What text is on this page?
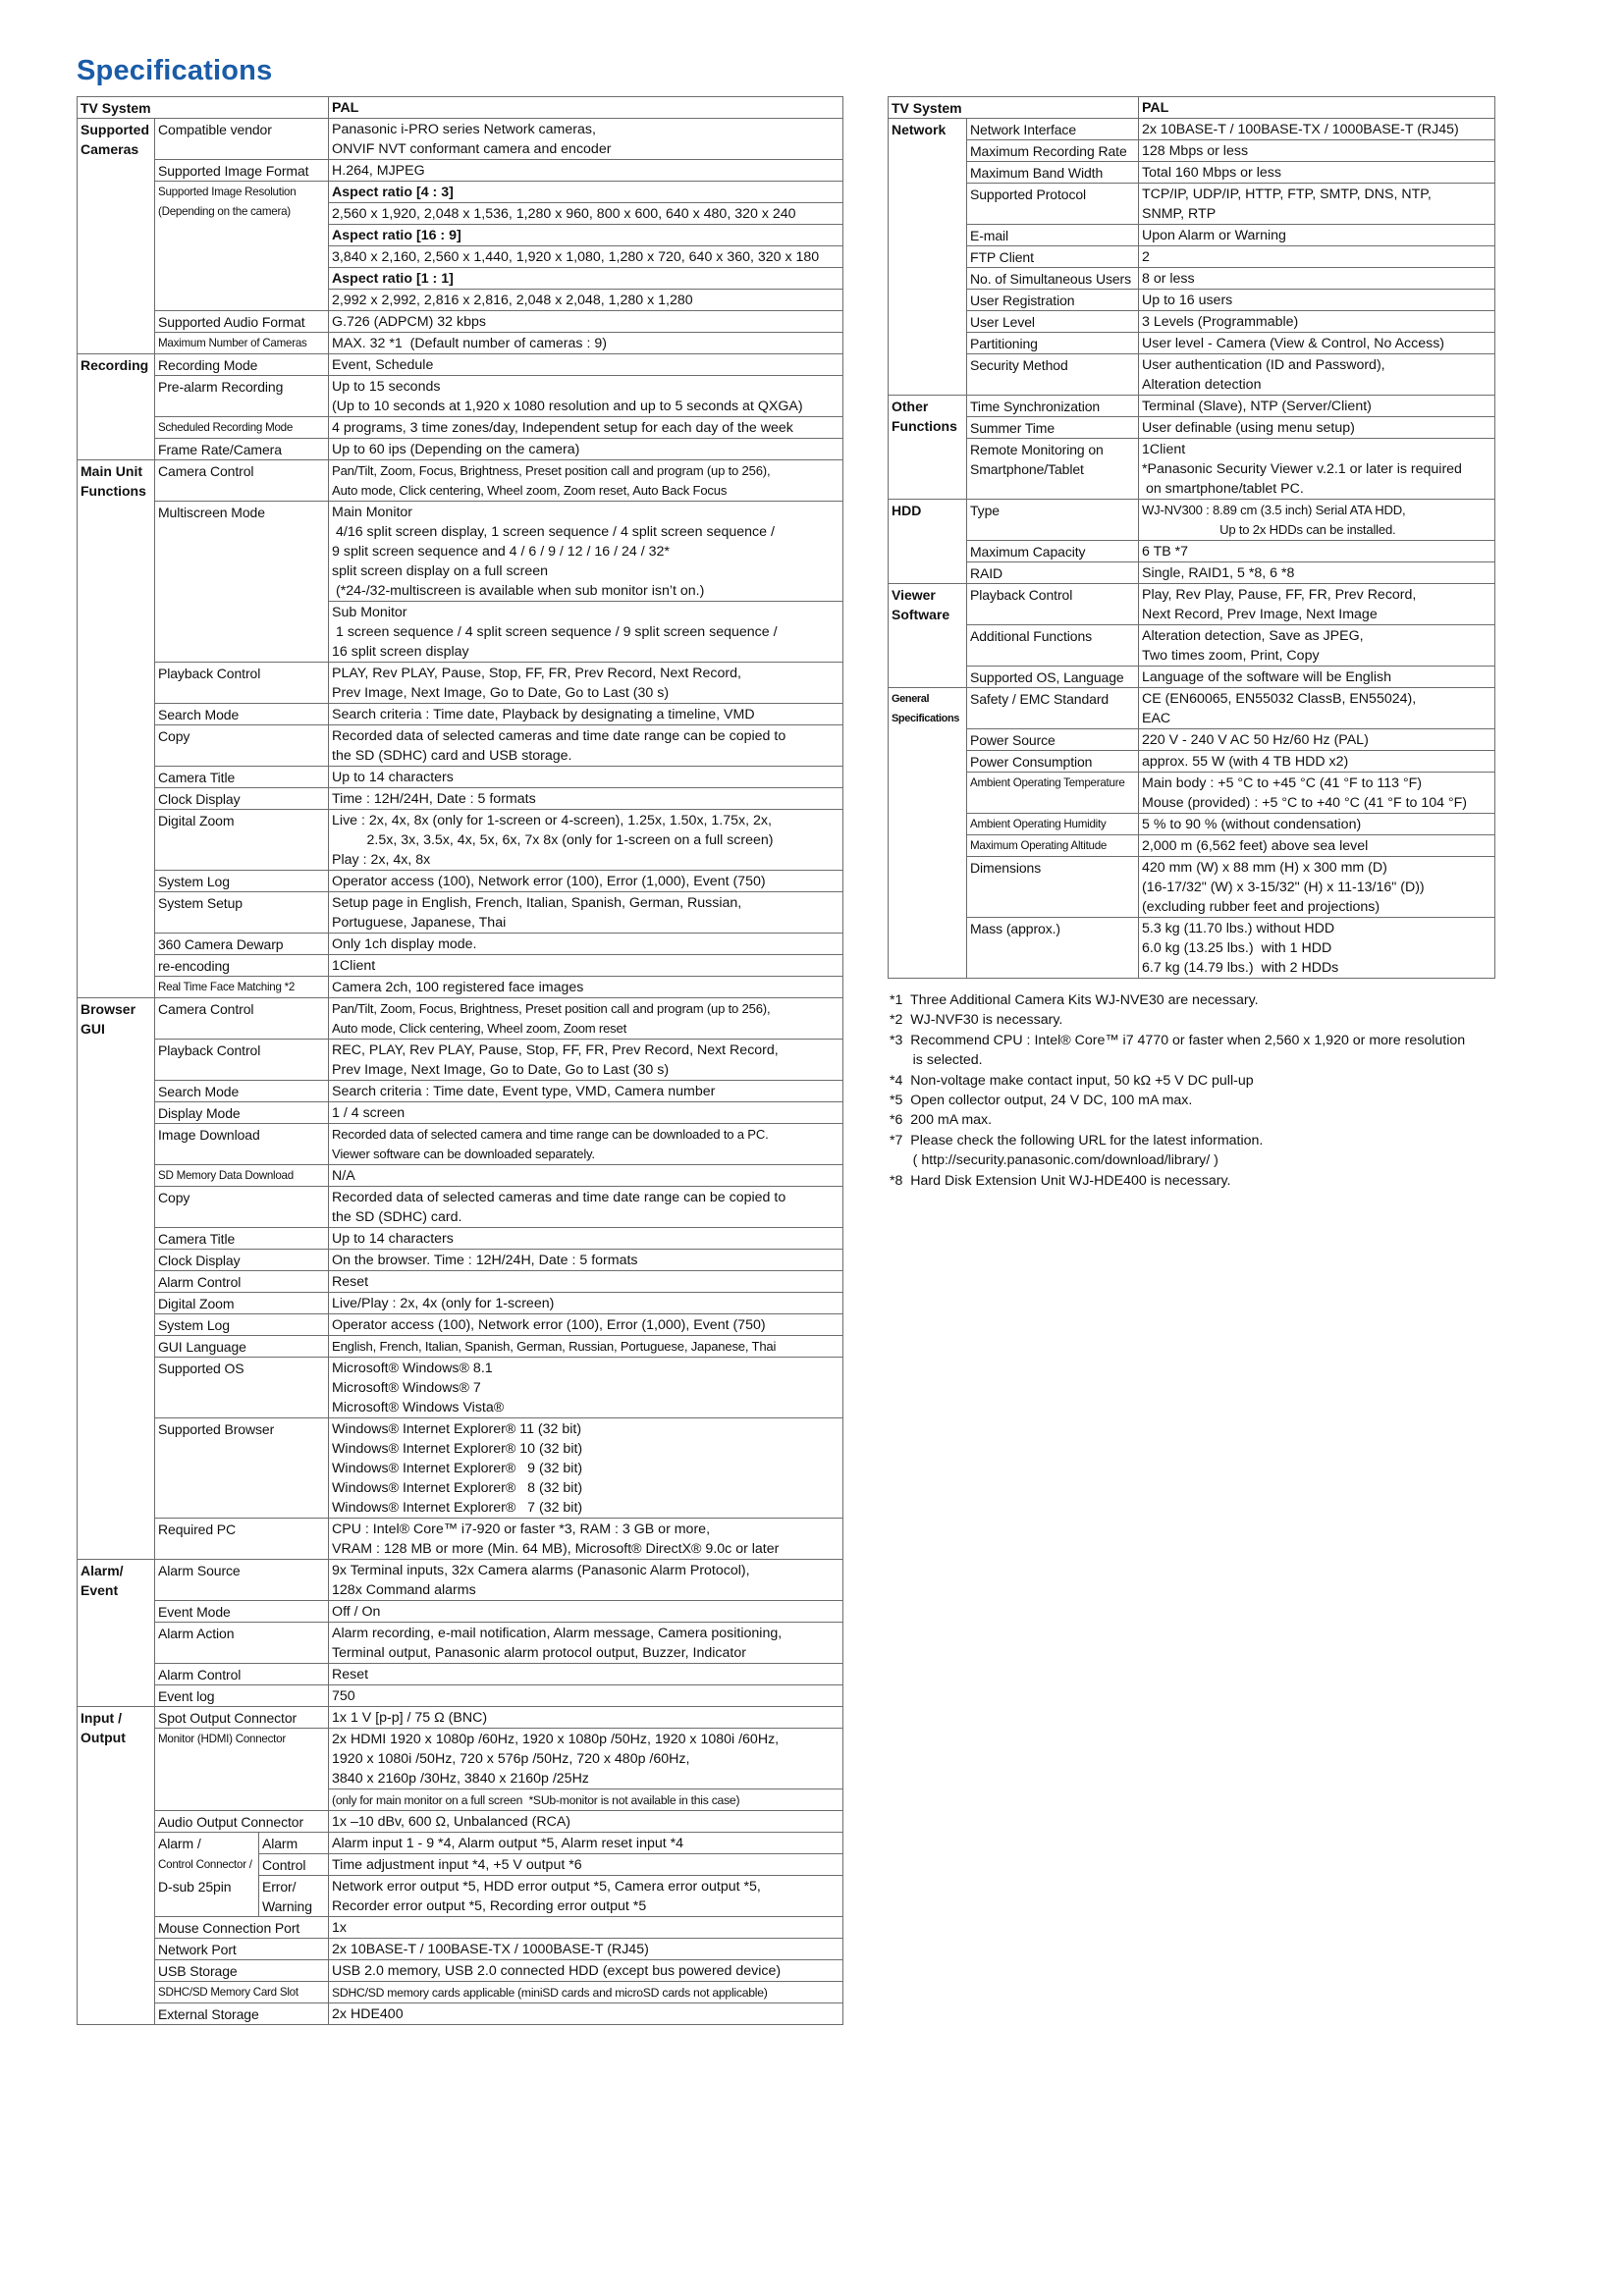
Specifications
TV System			PAL
Supported
Cameras	Compatible vendor		Panasonic i-PRO series Network cameras,
ONVIF NVT conformant camera and encoder
	Supported Image Format		H.264, MJPEG
	Supported Image Resolution
(Depending on the camera)		Aspect ratio [4 : 3]
			2,560 x 1,920, 2,048 x 1,536, 1,280 x 960, 800 x 600, 640 x 480, 320 x 240
			Aspect ratio [16 : 9]
			3,840 x 2,160, 2,560 x 1,440, 1,920 x 1,080, 1,280 x 720, 640 x 360, 320 x 180
			Aspect ratio [1 : 1]
			2,992 x 2,992, 2,816 x 2,816, 2,048 x 2,048, 1,280 x 1,280
	Supported Audio Format		G.726 (ADPCM) 32 kbps
	Maximum Number of Cameras		MAX. 32 *1  (Default number of cameras : 9)
Recording	Recording Mode		Event, Schedule
	Pre-alarm Recording		Up to 15 seconds
(Up to 10 seconds at 1,920 x 1080 resolution and up to 5 seconds at QXGA)
	Scheduled Recording Mode		4 programs, 3 time zones/day, Independent setup for each day of the week
	Frame Rate/Camera		Up to 60 ips (Depending on the camera)
Main Unit
Functions	Camera Control		Pan/Tilt, Zoom, Focus, Brightness, Preset position call and program (up to 256),
Auto mode, Click centering, Wheel zoom, Zoom reset, Auto Back Focus
	Multiscreen Mode		Main Monitor
4/16 split screen display, 1 screen sequence / 4 split screen sequence /
9 split screen sequence and 4 / 6 / 9 / 12 / 16 / 24 / 32*
split screen display on a full screen
(*24-/32-multiscreen is available when sub monitor isn’t on.)
			Sub Monitor
1 screen sequence / 4 split screen sequence / 9 split screen sequence /
16 split screen display
	Playback Control		PLAY, Rev PLAY, Pause, Stop, FF, FR, Prev Record, Next Record,
Prev Image, Next Image, Go to Date, Go to Last (30 s)
	Search Mode		Search criteria : Time date, Playback by designating a timeline, VMD
	Copy		Recorded data of selected cameras and time date range can be copied to
the SD (SDHC) card and USB storage.
	Camera Title		Up to 14 characters
	Clock Display		Time : 12H/24H, Date : 5 formats
	Digital Zoom		Live : 2x, 4x, 8x (only for 1-screen or 4-screen), 1.25x, 1.50x, 1.75x, 2x,
2.5x, 3x, 3.5x, 4x, 5x, 6x, 7x 8x (only for 1-screen on a full screen)
Play : 2x, 4x, 8x
	System Log		Operator access (100), Network error (100), Error (1,000), Event (750)
	System Setup		Setup page in English, French, Italian, Spanish, German, Russian,
Portuguese, Japanese, Thai
	360 Camera Dewarp		Only 1ch display mode.
	re-encoding		1Client
	Real Time Face Matching *2		Camera 2ch, 100 registered face images
Browser
GUI	Camera Control		Pan/Tilt, Zoom, Focus, Brightness, Preset position call and program (up to 256),
Auto mode, Click centering, Wheel zoom, Zoom reset
	Playback Control		REC, PLAY, Rev PLAY, Pause, Stop, FF, FR, Prev Record, Next Record,
Prev Image, Next Image, Go to Date, Go to Last (30 s)
	Search Mode		Search criteria : Time date, Event type, VMD, Camera number
	Display Mode		1 / 4 screen
	Image Download		Recorded data of selected camera and time range can be downloaded to a PC.
Viewer software can be downloaded separately.
	SD Memory Data Download		N/A
	Copy		Recorded data of selected cameras and time date range can be copied to
the SD (SDHC) card.
	Camera Title		Up to 14 characters
	Clock Display		On the browser. Time : 12H/24H, Date : 5 formats
	Alarm Control		Reset
	Digital Zoom		Live/Play : 2x, 4x (only for 1-screen)
	System Log		Operator access (100), Network error (100), Error (1,000), Event (750)
	GUI Language		English, French, Italian, Spanish, German, Russian, Portuguese, Japanese, Thai
	Supported OS		Microsoft® Windows® 8.1
Microsoft® Windows® 7
Microsoft® Windows Vista®
	Supported Browser		Windows® Internet Explorer® 11 (32 bit)
Windows® Internet Explorer® 10 (32 bit)
Windows® Internet Explorer®   9 (32 bit)
Windows® Internet Explorer®   8 (32 bit)
Windows® Internet Explorer®   7 (32 bit)
	Required PC		CPU : Intel® Core™ i7-920 or faster *3, RAM : 3 GB or more,
VRAM : 128 MB or more (Min. 64 MB), Microsoft® DirectX® 9.0c or later
Alarm/
Event	Alarm Source		9x Terminal inputs, 32x Camera alarms (Panasonic Alarm Protocol),
128x Command alarms
	Event Mode		Off / On
	Alarm Action		Alarm recording, e-mail notification, Alarm message, Camera positioning,
Terminal output, Panasonic alarm protocol output, Buzzer, Indicator
	Alarm Control		Reset
	Event log		750
Input /
Output	Spot Output Connector		1x 1 V [p-p] / 75 Ω (BNC)
	Monitor (HDMI) Connector		2x HDMI 1920 x 1080p /60Hz, 1920 x 1080p /50Hz, 1920 x 1080i /60Hz,
1920 x 1080i /50Hz, 720 x 576p /50Hz, 720 x 480p /60Hz,
3840 x 2160p /30Hz, 3840 x 2160p /25Hz
			(only for main monitor on a full screen  *SUb-monitor is not available in this case)
	Audio Output Connector		1x –10 dBv, 600 Ω, Unbalanced (RCA)
	Alarm /	Alarm	Alarm input 1 - 9 *4, Alarm output *5, Alarm reset input *4
	Control Connector /	Control	Time adjustment input *4, +5 V output *6
	D-sub 25pin	Error/
Warning	Network error output *5, HDD error output *5, Camera error output *5,
Recorder error output *5, Recording error output *5
	Mouse Connection Port		1x
	Network Port		2x 10BASE-T / 100BASE-TX / 1000BASE-T (RJ45)
	USB Storage		USB 2.0 memory, USB 2.0 connected HDD (except bus powered device)
	SDHC/SD Memory Card Slot		SDHC/SD memory cards applicable (miniSD cards and microSD cards not applicable)
	External Storage		2x HDE400
TV System		PAL
Network	Network Interface	2x 10BASE-T / 100BASE-TX / 1000BASE-T (RJ45)
	Maximum Recording Rate	128 Mbps or less
	Maximum Band Width	Total 160 Mbps or less
	Supported Protocol	TCP/IP, UDP/IP, HTTP, FTP, SMTP, DNS, NTP,
SNMP, RTP
	E-mail	Upon Alarm or Warning
	FTP Client	2
	No. of Simultaneous Users	8 or less
	User Registration	Up to 16 users
	User Level	3 Levels (Programmable)
	Partitioning	User level - Camera (View & Control, No Access)
	Security Method	User authentication (ID and Password),
Alteration detection
Other
Functions	Time Synchronization	Terminal (Slave), NTP (Server/Client)
	Summer Time	User definable (using menu setup)
	Remote Monitoring on
Smartphone/Tablet	1Client
*Panasonic Security Viewer v.2.1 or later is required
on smartphone/tablet PC.
HDD	Type	WJ-NV300 : 8.89 cm (3.5 inch) Serial ATA HDD,
Up to 2x HDDs can be installed.
	Maximum Capacity	6 TB *7
	RAID	Single, RAID1, 5 *8, 6 *8
Viewer
Software	Playback Control	Play, Rev Play, Pause, FF, FR, Prev Record,
Next Record, Prev Image, Next Image
	Additional Functions	Alteration detection, Save as JPEG,
Two times zoom, Print, Copy
	Supported OS, Language	Language of the software will be English
General
Specifications	Safety / EMC Standard	CE (EN60065, EN55032 ClassB, EN55024),
EAC
	Power Source	220 V - 240 V AC 50 Hz/60 Hz (PAL)
	Power Consumption	approx. 55 W (with 4 TB HDD x2)
	Ambient Operating Temperature	Main body : +5 °C to +45 °C (41 °F to 113 °F)
Mouse (provided) : +5 °C to +40 °C (41 °F to 104 °F)
	Ambient Operating Humidity	5 % to 90 % (without condensation)
	Maximum Operating Altitude	2,000 m (6,562 feet) above sea level
	Dimensions	420 mm (W) x 88 mm (H) x 300 mm (D)
(16-17/32" (W) x 3-15/32" (H) x 11-13/16" (D))
(excluding rubber feet and projections)
	Mass (approx.)	5.3 kg (11.70 lbs.) without HDD
6.0 kg (13.25 lbs.)  with 1 HDD
6.7 kg (14.79 lbs.)  with 2 HDDs
*1  Three Additional Camera Kits WJ-NVE30 are necessary.
*2  WJ-NVF30 is necessary.
*3  Recommend CPU : Intel® Core™ i7 4770 or faster when 2,560 x 1,920 or more resolution
is selected.
*4  Non-voltage make contact input, 50 kΩ +5 V DC pull-up
*5  Open collector output, 24 V DC, 100 mA max.
*6  200 mA max.
*7  Please check the following URL for the latest information.
( http://security.panasonic.com/download/library/ )
*8  Hard Disk Extension Unit WJ-HDE400 is necessary.
